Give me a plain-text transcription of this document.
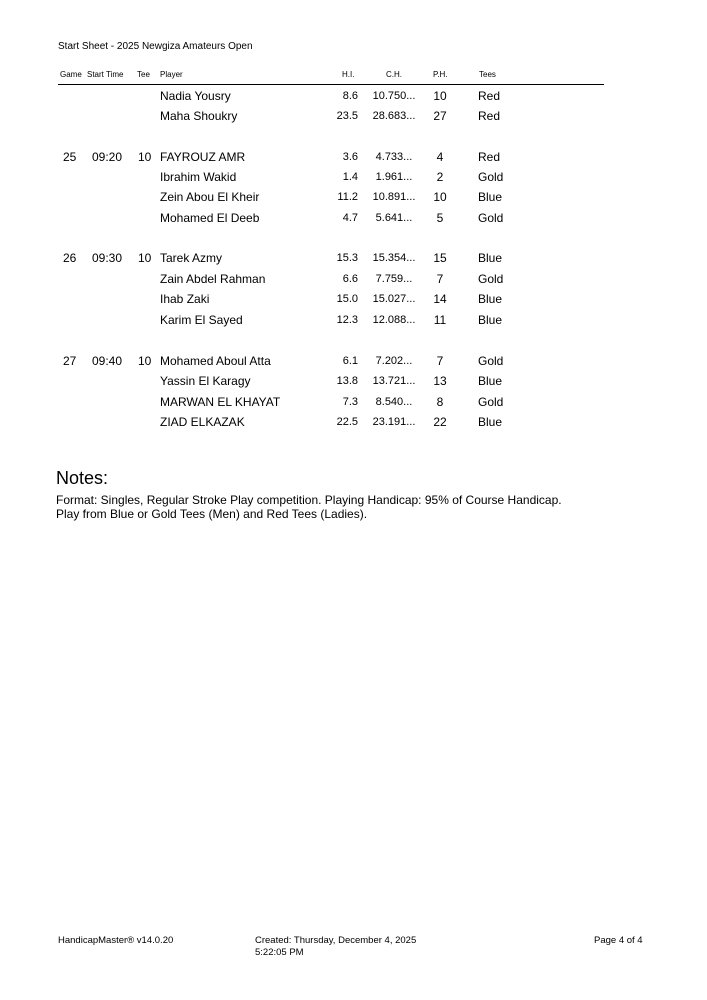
Start Sheet - 2025 Newgiza Amateurs Open
Game Start Time Tee Player	H.I.	C.H.	P.H.	Tees
Nadia Yousry	8.6 10.750...	10	Red
Maha Shoukry	23.5 28.683...	27	Red
25 09:20 10 FAYROUZ AMR	3.6	4.733...	4	Red
Ibrahim Wakid	1.4	1.961...	2	Gold
Zein Abou El Kheir	11.2 10.891...	10	Blue
Mohamed El Deeb	4.7	5.641...	5	Gold
26 09:30 10 Tarek Azmy	15.3 15.354...	15	Blue
Zain Abdel Rahman	6.6	7.759...	7	Gold
Ihab Zaki	15.0 15.027...	14	Blue
Karim El Sayed	12.3 12.088...	11	Blue
27 09:40 10 Mohamed Aboul Atta	6.1	7.202...	7	Gold
Yassin El Karagy	13.8 13.721...	13	Blue
MARWAN EL KHAYAT	7.3	8.540...	8	Gold
ZIAD ELKAZAK	22.5 23.191...	22	Blue
Notes:
Format: Singles, Regular Stroke Play competition. Playing Handicap: 95% of Course Handicap.
Play from Blue or Gold Tees (Men) and Red Tees (Ladies).
HandicapMaster® v14.0.20	Created: Thursday, December 4, 2025
5:22:05 PM
Page 4 of 4
